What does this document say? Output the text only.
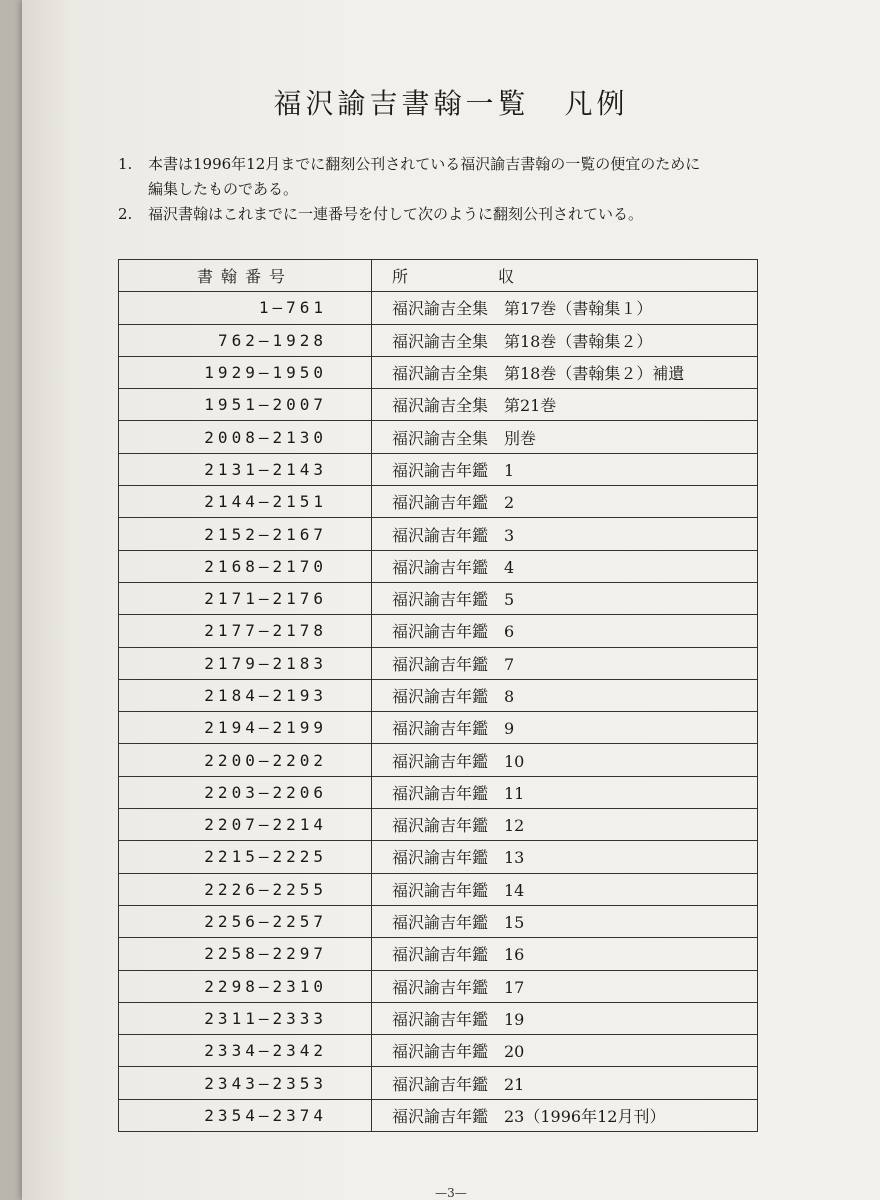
福沢諭吉書翰一覧 凡例
1. 本書は1996年12月までに翻刻公刊されている福沢諭吉書翰の一覧の便宜のために
編集したものである。
2. 福沢書翰はこれまでに一連番号を付して次のように翻刻公刊されている。
書翰番号	所 収
1—761	福沢諭吉全集　第17巻（書翰集１）
762—1928	福沢諭吉全集　第18巻（書翰集２）
1929—1950	福沢諭吉全集　第18巻（書翰集２）補遺
1951—2007	福沢諭吉全集　第21巻
2008—2130	福沢諭吉全集　別巻
2131—2143	福沢諭吉年鑑　1
2144—2151	福沢諭吉年鑑　2
2152—2167	福沢諭吉年鑑　3
2168—2170	福沢諭吉年鑑　4
2171—2176	福沢諭吉年鑑　5
2177—2178	福沢諭吉年鑑　6
2179—2183	福沢諭吉年鑑　7
2184—2193	福沢諭吉年鑑　8
2194—2199	福沢諭吉年鑑　9
2200—2202	福沢諭吉年鑑　10
2203—2206	福沢諭吉年鑑　11
2207—2214	福沢諭吉年鑑　12
2215—2225	福沢諭吉年鑑　13
2226—2255	福沢諭吉年鑑　14
2256—2257	福沢諭吉年鑑　15
2258—2297	福沢諭吉年鑑　16
2298—2310	福沢諭吉年鑑　17
2311—2333	福沢諭吉年鑑　19
2334—2342	福沢諭吉年鑑　20
2343—2353	福沢諭吉年鑑　21
2354—2374	福沢諭吉年鑑　23（1996年12月刊）
—3—
